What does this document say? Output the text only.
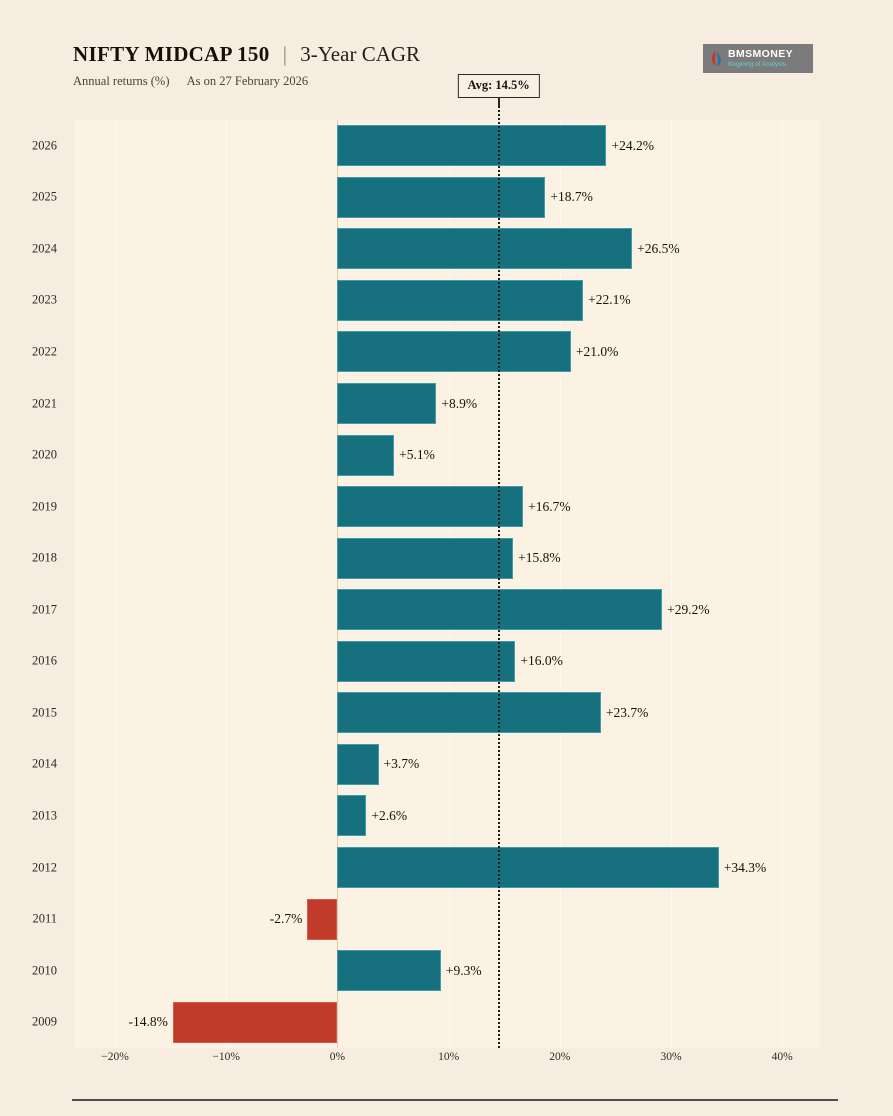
NIFTY MIDCAP 150 | 3-Year CAGR
Annual returns (%) As on 27 February 2026
BMSMONEY
Begining of Analysis
Avg: 14.5%
2026	+24.2%
2025	+18.7%
2024	+26.5%
2023	+22.1%
2022	+21.0%
2021	+8.9%
2020	+5.1%
2019	+16.7%
2018	+15.8%
2017	+29.2%
2016	+16.0%
2015	+23.7%
2014	+3.7%
2013	+2.6%
2012	+34.3%
2011	-2.7%
2010	+9.3%
2009	-14.8%
−20%	−10%	0%	10%	20%	30%	40%
